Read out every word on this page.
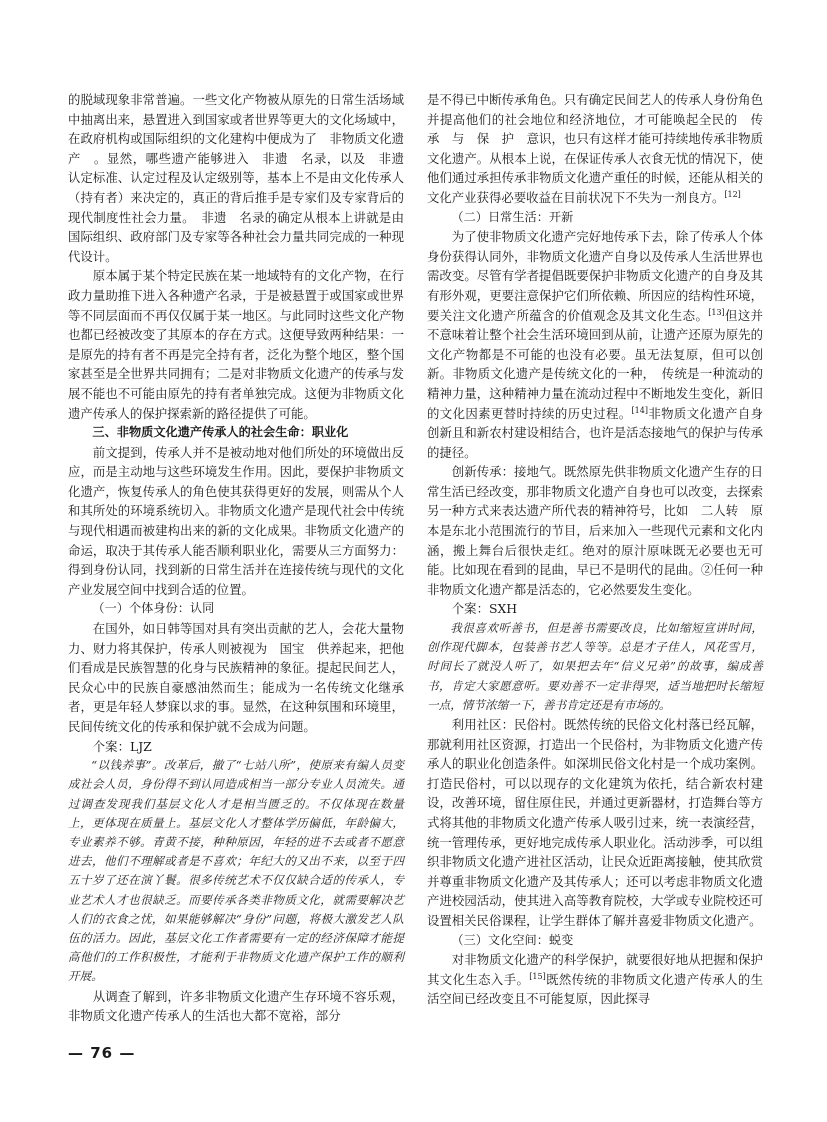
的脱域现象非常普遍。一些文化产物被从原先的日常生活场域中抽离出来，悬置进入到国家或者世界等更大的文化场域中，在政府机构或国际组织的文化建构中便成为了　非物质文化遗产　。显然，哪些遗产能够进入　非遗　名录，以及　非遗　认定标准、认定过程及认定级别等，基本上不是由文化传承人（持有者）来决定的，真正的背后推手是专家们及专家背后的现代制度性社会力量。　非遗　名录的确定从根本上讲就是由国际组织、政府部门及专家等各种社会力量共同完成的一种现代设计。

原本属于某个特定民族在某一地域特有的文化产物，在行政力量助推下进入各种遗产名录，于是被悬置于或国家或世界等不同层面而不再仅仅属于某一地区。与此同时这些文化产物也都已经被改变了其原本的存在方式。这便导致两种结果：一是原先的持有者不再是完全持有者，泛化为整个地区，整个国家甚至是全世界共同拥有；二是对非物质文化遗产的传承与发展不能也不可能由原先的持有者单独完成。这便为非物质文化遗产传承人的保护探索新的路径提供了可能。

三、非物质文化遗产传承人的社会生命：职业化

前文提到，传承人并不是被动地对他们所处的环境做出反应，而是主动地与这些环境发生作用。因此，要保护非物质文化遗产，恢复传承人的角色使其获得更好的发展，则需从个人和其所处的环境系统切入。非物质文化遗产是现代社会中传统与现代相遇而被建构出来的新的文化成果。非物质文化遗产的命运，取决于其传承人能否顺利职业化，需要从三方面努力：得到身份认同，找到新的日常生活并在连接传统与现代的文化产业发展空间中找到合适的位置。

（一）个体身份：认同

在国外，如日韩等国对具有突出贡献的艺人，会花大量物力、财力将其保护，传承人则被视为　国宝　供养起来，把他们看成是民族智慧的化身与民族精神的象征。提起民间艺人，民众心中的民族自豪感油然而生；能成为一名传统文化继承者，更是年轻人梦寐以求的事。显然，在这种氛围和环境里，民间传统文化的传承和保护就不会成为问题。

个案：LJZ

“以钱养事”。改革后，撤了“七站八所”，使原来有编人员变成社会人员，身份得不到认同造成相当一部分专业人员流失。通过调查发现我们基层文化人才是相当匮乏的。不仅体现在数量上，更体现在质量上。基层文化人才整体学历偏低，年龄偏大，专业素养不够。青黄不接，种种原因，年轻的进不去或者不愿意进去，他们不理解或者是不喜欢；年纪大的又出不来，以至于四五十岁了还在演丫鬟。很多传统艺术不仅仅缺合适的传承人，专业艺术人才也很缺乏。而要传承各类非物质文化，就需要解决艺人们的衣食之忧，如果能够解决“身份”问题，将极大激发艺人队伍的活力。因此，基层文化工作者需要有一定的经济保障才能提高他们的工作积极性，才能利于非物质文化遗产保护工作的顺利开展。

从调查了解到，许多非物质文化遗产生存环境不容乐观，非物质文化遗产传承人的生活也大都不宽裕，部分

是不得已中断传承角色。只有确定民间艺人的传承人身份角色并提高他们的社会地位和经济地位，才可能唤起全民的　传　承　与　保　护　意识，也只有这样才能可持续地传承非物质文化遗产。从根本上说，在保证传承人衣食无忧的情况下，使他们通过承担传承非物质文化遗产重任的时候，还能从相关的文化产业获得必要收益在目前状况下不失为一剂良方。[12]

（二）日常生活：开新

为了使非物质文化遗产完好地传承下去，除了传承人个体身份获得认同外，非物质文化遗产自身以及传承人生活世界也需改变。尽管有学者提倡既要保护非物质文化遗产的自身及其有形外观，更要注意保护它们所依赖、所因应的结构性环境，要关注文化遗产所蕴含的价值观念及其文化生态。[13]但这并不意味着让整个社会生活环境回到从前，让遗产还原为原先的文化产物都是不可能的也没有必要。虽无法复原，但可以创新。非物质文化遗产是传统文化的一种，　传统是一种流动的精神力量，这种精神力量在流动过程中不断地发生变化，新旧的文化因素更替时持续的历史过程。[14]非物质文化遗产自身创新且和新农村建设相结合，也许是活态接地气的保护与传承的捷径。

创新传承：接地气。既然原先供非物质文化遗产生存的日常生活已经改变，那非物质文化遗产自身也可以改变，去探索另一种方式来表达遗产所代表的精神符号，比如　二人转　原本是东北小范围流行的节目，后来加入一些现代元素和文化内涵，搬上舞台后很快走红。绝对的原汁原味既无必要也无可能。比如现在看到的昆曲，早已不是明代的昆曲。②任何一种非物质文化遗产都是活态的，它必然要发生变化。

个案：SXH

我很喜欢听善书，但是善书需要改良，比如缩短宣讲时间，创作现代脚本，包装善书艺人等等。总是才子佳人，风花雪月，时间长了就没人听了，如果把去年“信义兄弟”的故事，编成善书，肯定大家愿意听。要劝善不一定非得哭，适当地把时长缩短一点，情节浓缩一下，善书肯定还是有市场的。

利用社区：民俗村。既然传统的民俗文化村落已经瓦解，那就利用社区资源，打造出一个民俗村，为非物质文化遗产传承人的职业化创造条件。如深圳民俗文化村是一个成功案例。打造民俗村，可以以现存的文化建筑为依托，结合新农村建设，改善环境，留住原住民，并通过更新器材，打造舞台等方式将其他的非物质文化遗产传承人吸引过来，统一表演经营，统一管理传承，更好地完成传承人职业化。活动涉季，可以组织非物质文化遗产进社区活动，让民众近距离接触，使其欣赏并尊重非物质文化遗产及其传承人；还可以考虑非物质文化遗产进校园活动，使其进入高等教育院校，大学或专业院校还可设置相关民俗课程，让学生群体了解并喜爱非物质文化遗产。

（三）文化空间：蜕变

对非物质文化遗产的科学保护，就要很好地从把握和保护其文化生态入手。[15]既然传统的非物质文化遗产传承人的生活空间已经改变且不可能复原，因此探寻

— 76 —
